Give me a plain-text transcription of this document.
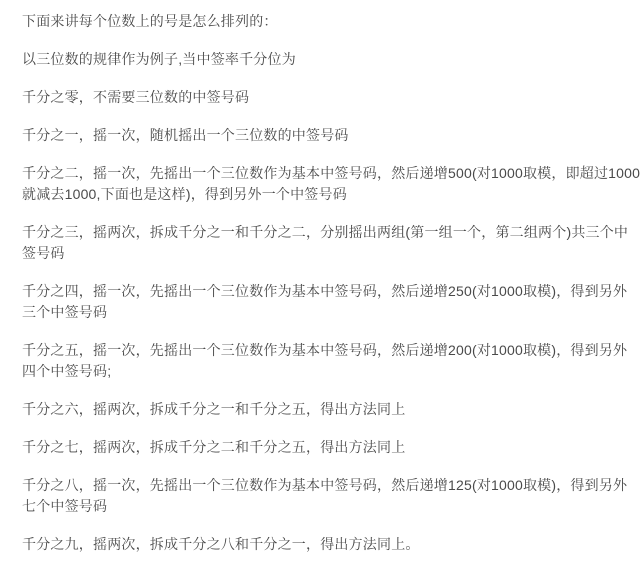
下面来讲每个位数上的号是怎么排列的：

以三位数的规律作为例子,当中签率千分位为

千分之零，不需要三位数的中签号码

千分之一，摇一次，随机摇出一个三位数的中签号码

千分之二，摇一次，先摇出一个三位数作为基本中签号码，然后递增500(对1000取模，即超过1000
就减去1000,下面也是这样)，得到另外一个中签号码

千分之三，摇两次，拆成千分之一和千分之二，分别摇出两组(第一组一个，第二组两个)共三个中
签号码

千分之四，摇一次，先摇出一个三位数作为基本中签号码，然后递增250(对1000取模)，得到另外
三个中签号码

千分之五，摇一次，先摇出一个三位数作为基本中签号码，然后递增200(对1000取模)，得到另外
四个中签号码;

千分之六，摇两次，拆成千分之一和千分之五，得出方法同上

千分之七，摇两次，拆成千分之二和千分之五，得出方法同上

千分之八，摇一次，先摇出一个三位数作为基本中签号码，然后递增125(对1000取模)，得到另外
七个中签号码

千分之九，摇两次，拆成千分之八和千分之一，得出方法同上。
